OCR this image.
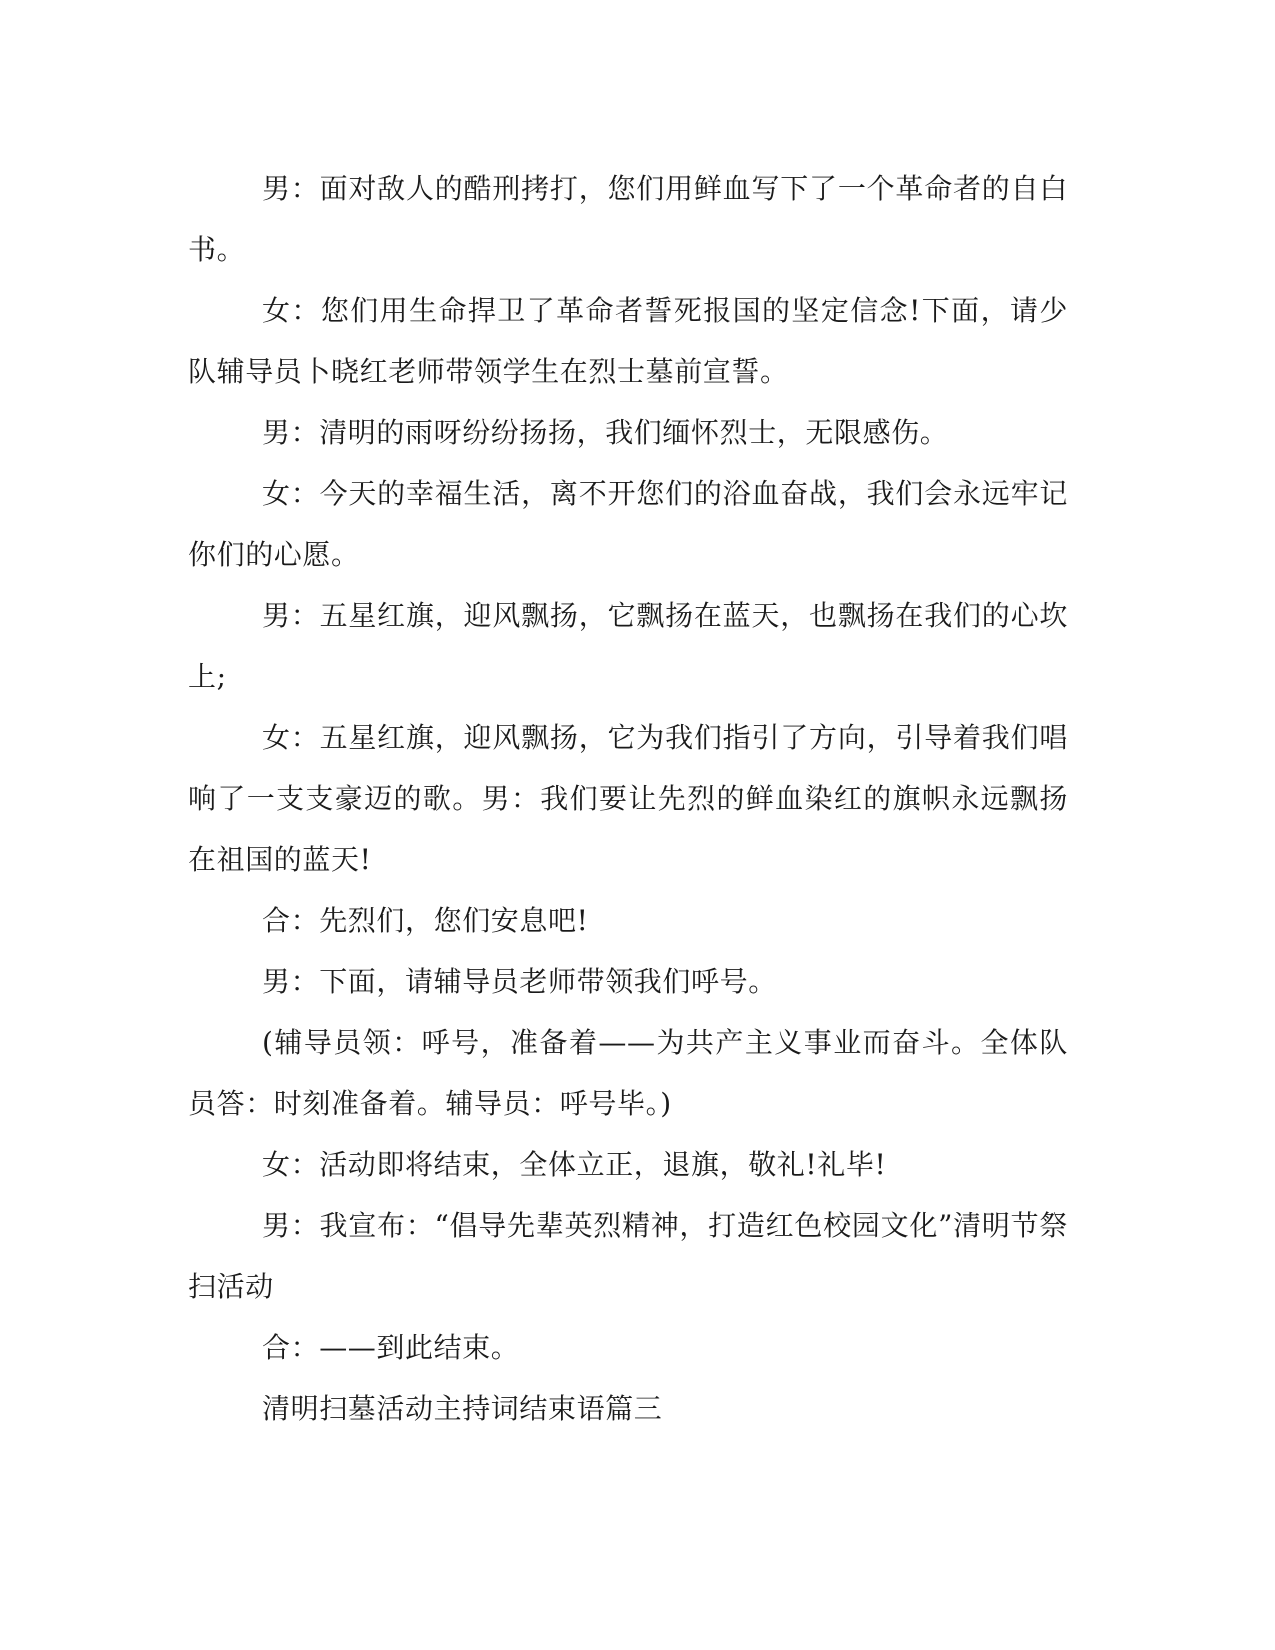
男：面对敌人的酷刑拷打，您们用鲜血写下了一个革命者的自白书。

女：您们用生命捍卫了革命者誓死报国的坚定信念!下面，请少队辅导员卜晓红老师带领学生在烈士墓前宣誓。

男：清明的雨呀纷纷扬扬，我们缅怀烈士，无限感伤。

女：今天的幸福生活，离不开您们的浴血奋战，我们会永远牢记你们的心愿。

男：五星红旗，迎风飘扬，它飘扬在蓝天，也飘扬在我们的心坎上;

女：五星红旗，迎风飘扬，它为我们指引了方向，引导着我们唱响了一支支豪迈的歌。男：我们要让先烈的鲜血染红的旗帜永远飘扬在祖国的蓝天!

合：先烈们，您们安息吧!

男：下面，请辅导员老师带领我们呼号。

(辅导员领：呼号，准备着——为共产主义事业而奋斗。全体队员答：时刻准备着。辅导员：呼号毕。)

女：活动即将结束，全体立正，退旗，敬礼!礼毕!

男：我宣布：“倡导先辈英烈精神，打造红色校园文化”清明节祭扫活动

合：——到此结束。

清明扫墓活动主持词结束语篇三
